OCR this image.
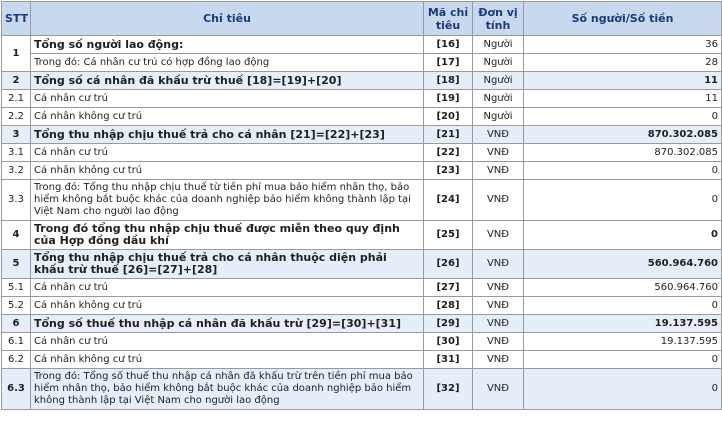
STT	Chỉ tiêu	Mã chỉ tiêu	Đơn vị tính	Số người/Số tiền
1	Tổng số người lao động:	[16]	Người	36
	Trong đó: Cá nhân cư trú có hợp đồng lao động	[17]	Người	28
2	Tổng số cá nhân đã khấu trừ thuế [18]=[19]+[20]	[18]	Người	11
2.1	Cá nhân cư trú	[19]	Người	11
2.2	Cá nhân không cư trú	[20]	Người	0
3	Tổng thu nhập chịu thuế trả cho cá nhân [21]=[22]+[23]	[21]	VNĐ	870.302.085
3.1	Cá nhân cư trú	[22]	VNĐ	870.302.085
3.2	Cá nhân không cư trú	[23]	VNĐ	0
3.3	Trong đó: Tổng thu nhập chịu thuế từ tiền phí mua bảo hiểm nhân thọ, bảo hiểm không bắt buộc khác của doanh nghiệp bảo hiểm không thành lập tại Việt Nam cho người lao động	[24]	VNĐ	0
4	Trong đó tổng thu nhập chịu thuế được miễn theo quy định của Hợp đồng dầu khí	[25]	VNĐ	0
5	Tổng thu nhập chịu thuế trả cho cá nhân thuộc diện phải khấu trừ thuế [26]=[27]+[28]	[26]	VNĐ	560.964.760
5.1	Cá nhân cư trú	[27]	VNĐ	560.964.760
5.2	Cá nhân không cư trú	[28]	VNĐ	0
6	Tổng số thuế thu nhập cá nhân đã khấu trừ [29]=[30]+[31]	[29]	VNĐ	19.137.595
6.1	Cá nhân cư trú	[30]	VNĐ	19.137.595
6.2	Cá nhân không cư trú	[31]	VNĐ	0
6.3	Trong đó: Tổng số thuế thu nhập cá nhân đã khấu trừ trên tiền phí mua bảo hiểm nhân thọ, bảo hiểm không bắt buộc khác của doanh nghiệp bảo hiểm không thành lập tại Việt Nam cho người lao động	[32]	VNĐ	0
